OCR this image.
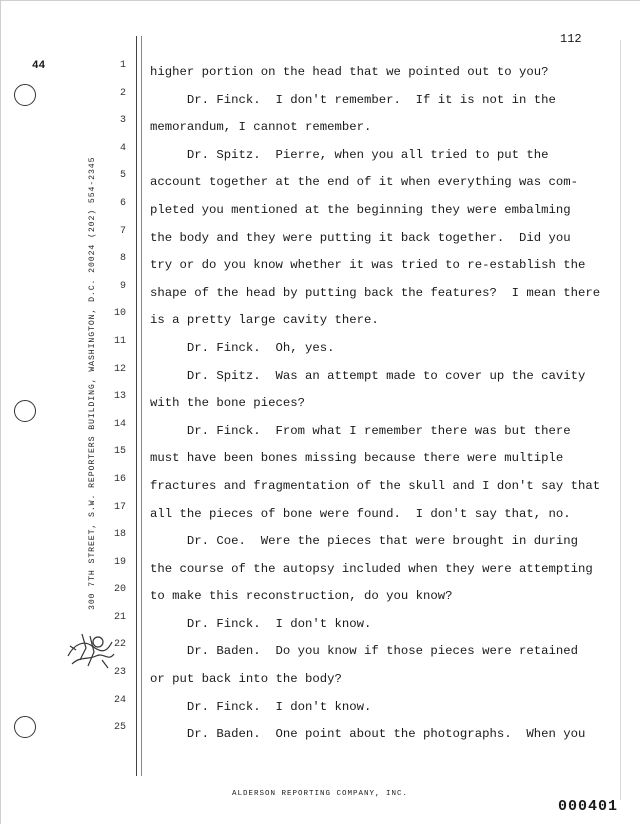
112
44
300 7TH STREET, S.W. REPORTERS BUILDING, WASHINGTON, D.C. 20024 (202) 554-2345
1
2
3
4
5
6
7
8
9
10
11
12
13
14
15
16
17
18
19
20
21
22
23
24
25
higher portion on the head that we pointed out to you?
Dr. Finck.  I don't remember.  If it is not in the
memorandum, I cannot remember.
Dr. Spitz.  Pierre, when you all tried to put the
account together at the end of it when everything was com-
pleted you mentioned at the beginning they were embalming
the body and they were putting it back together.  Did you
try or do you know whether it was tried to re-establish the
shape of the head by putting back the features?  I mean there
is a pretty large cavity there.
Dr. Finck.  Oh, yes.
Dr. Spitz.  Was an attempt made to cover up the cavity
with the bone pieces?
Dr. Finck.  From what I remember there was but there
must have been bones missing because there were multiple
fractures and fragmentation of the skull and I don't say that
all the pieces of bone were found.  I don't say that, no.
Dr. Coe.  Were the pieces that were brought in during
the course of the autopsy included when they were attempting
to make this reconstruction, do you know?
Dr. Finck.  I don't know.
Dr. Baden.  Do you know if those pieces were retained
or put back into the body?
Dr. Finck.  I don't know.
Dr. Baden.  One point about the photographs.  When you
ALDERSON REPORTING COMPANY, INC.
000401
